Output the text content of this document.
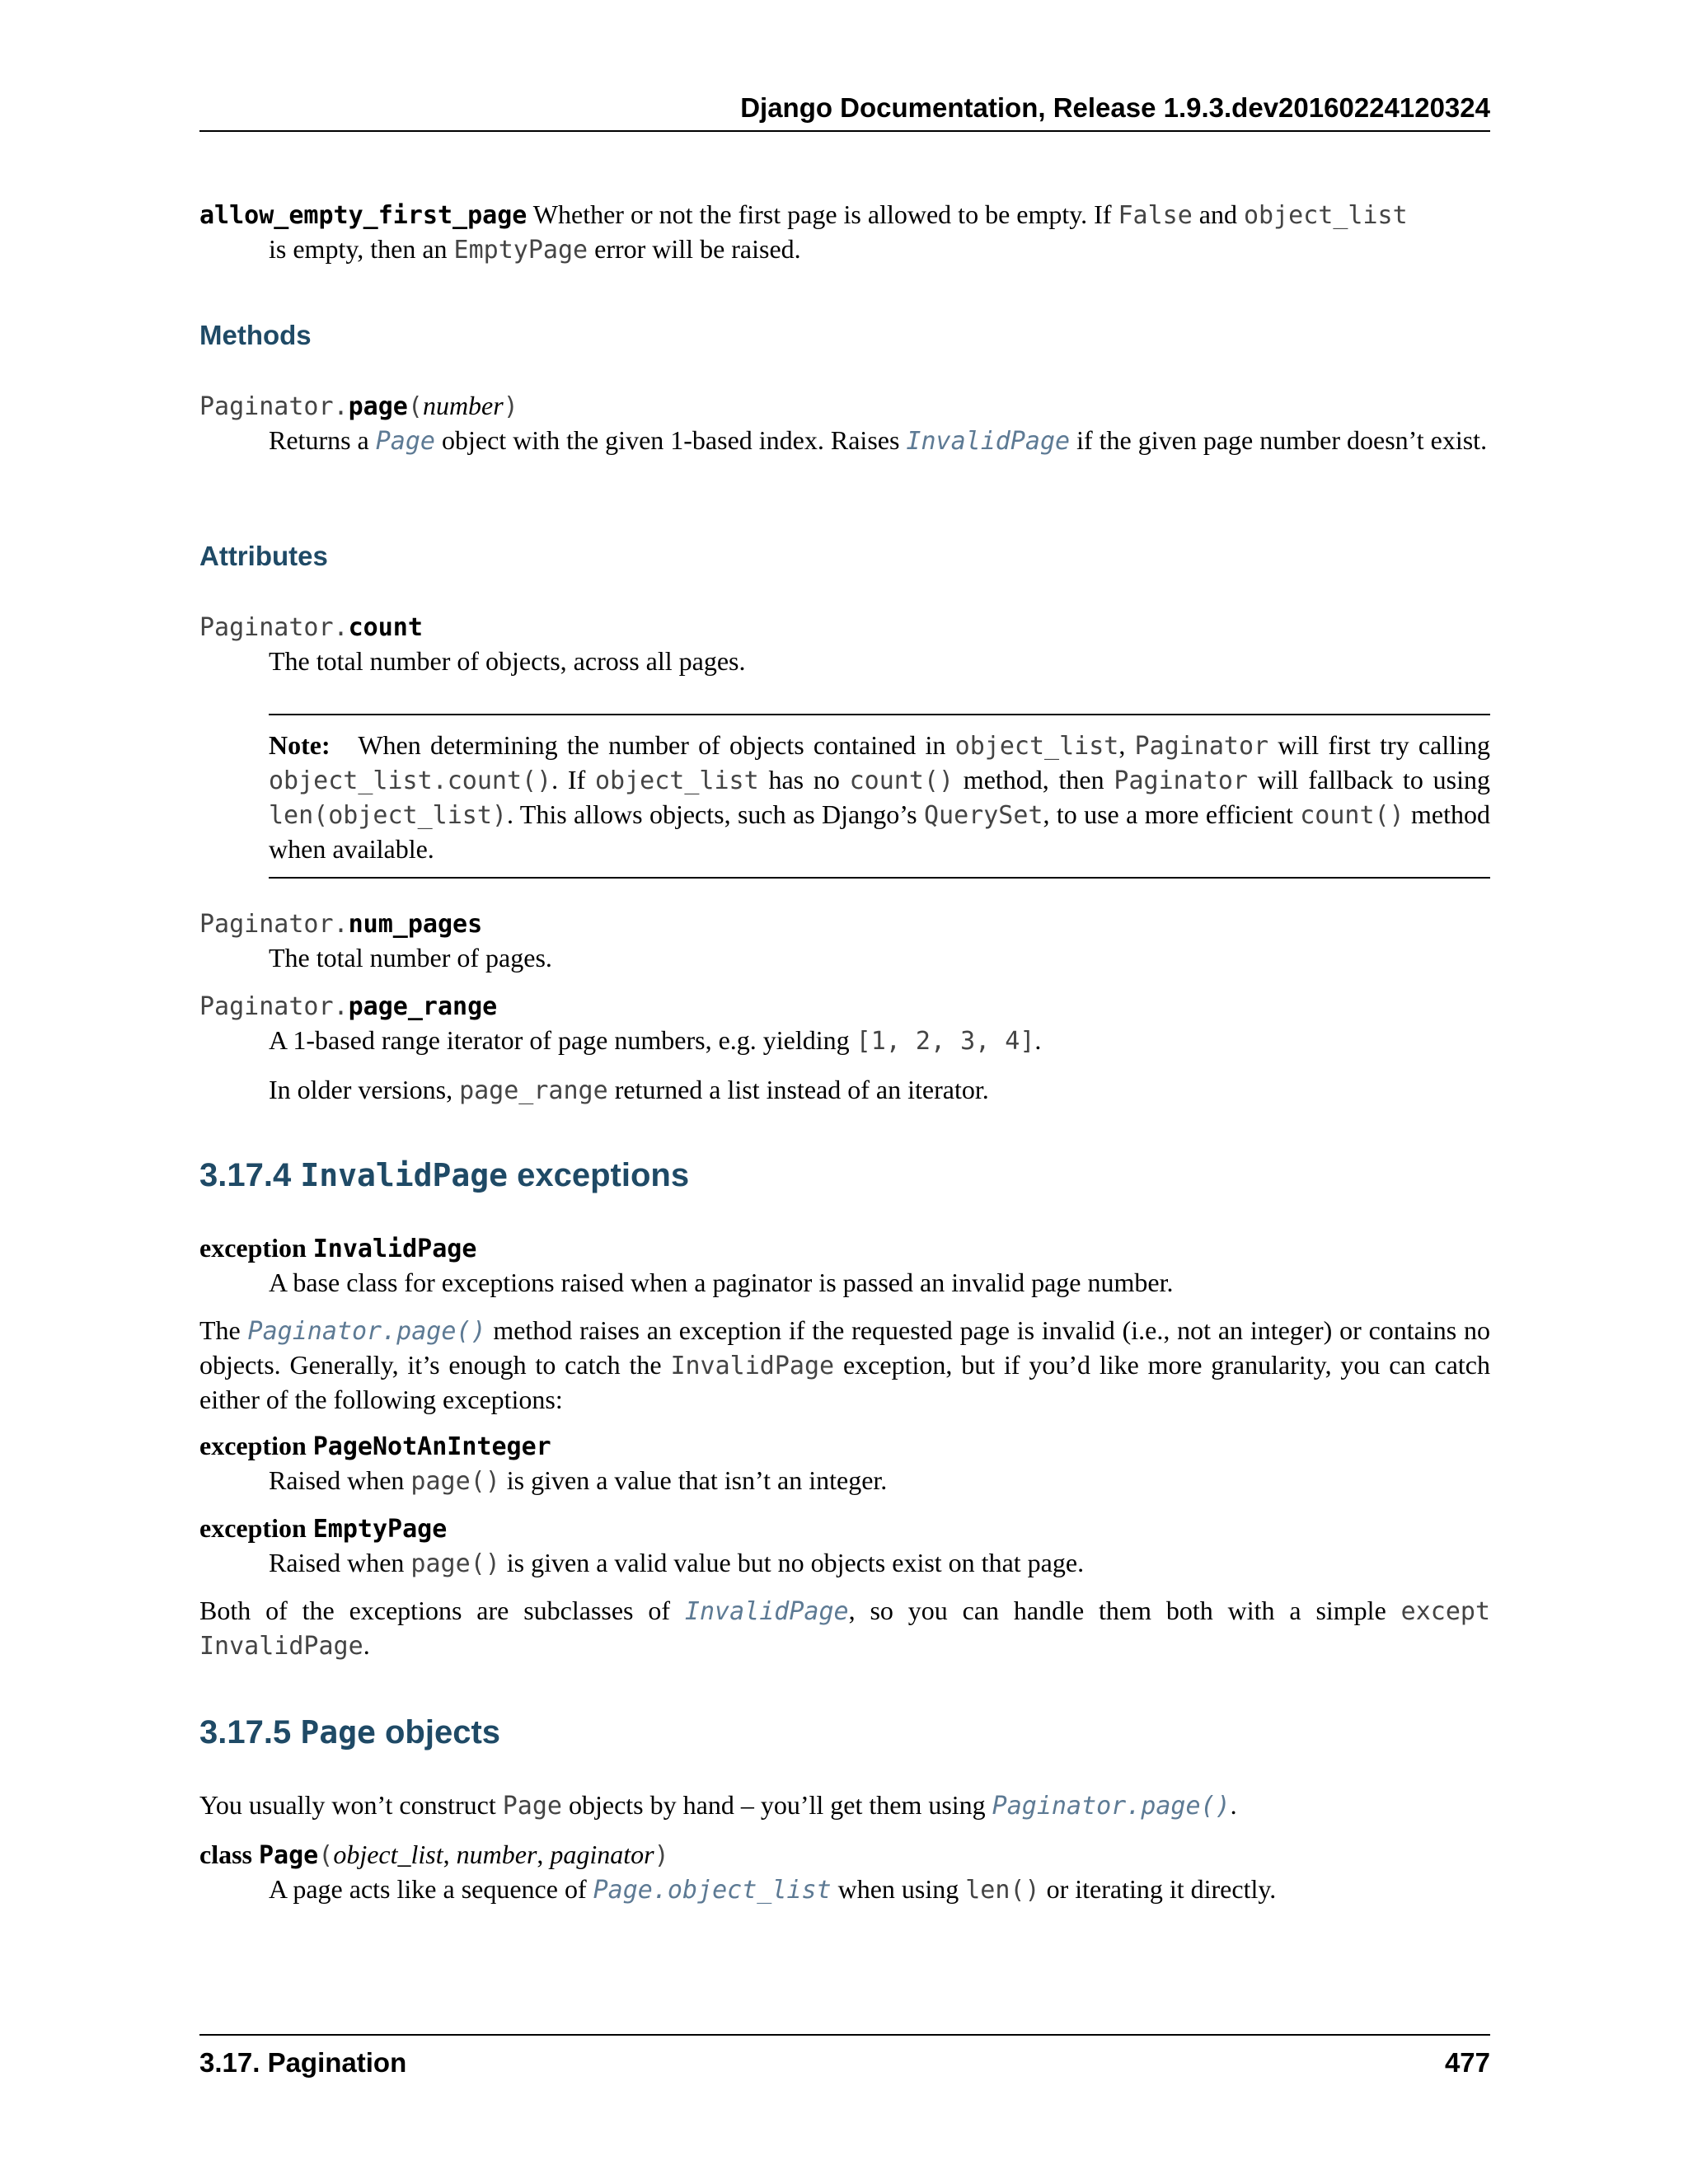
Django Documentation, Release 1.9.3.dev20160224120324
allow_empty_first_page Whether or not the first page is allowed to be empty. If False and object_list
is empty, then an EmptyPage error will be raised.
Methods
Paginator.page(number)
Returns a Page object with the given 1-based index. Raises InvalidPage if the given page number doesn’t exist.
Attributes
Paginator.count
The total number of objects, across all pages.
Note: When determining the number of objects contained in object_list, Paginator will first try calling object_list.count(). If object_list has no count() method, then Paginator will fallback to using len(object_list). This allows objects, such as Django’s QuerySet, to use a more efficient count() method when available.
Paginator.num_pages
The total number of pages.
Paginator.page_range
A 1-based range iterator of page numbers, e.g. yielding [1, 2, 3, 4].
In older versions, page_range returned a list instead of an iterator.
3.17.4 InvalidPage exceptions
exception InvalidPage
A base class for exceptions raised when a paginator is passed an invalid page number.
The Paginator.page() method raises an exception if the requested page is invalid (i.e., not an integer) or contains no objects. Generally, it’s enough to catch the InvalidPage exception, but if you’d like more granularity, you can catch either of the following exceptions:
exception PageNotAnInteger
Raised when page() is given a value that isn’t an integer.
exception EmptyPage
Raised when page() is given a valid value but no objects exist on that page.
Both of the exceptions are subclasses of InvalidPage, so you can handle them both with a simple except InvalidPage.
3.17.5 Page objects
You usually won’t construct Page objects by hand – you’ll get them using Paginator.page().
class Page(object_list, number, paginator)
A page acts like a sequence of Page.object_list when using len() or iterating it directly.
3.17. Pagination	477
